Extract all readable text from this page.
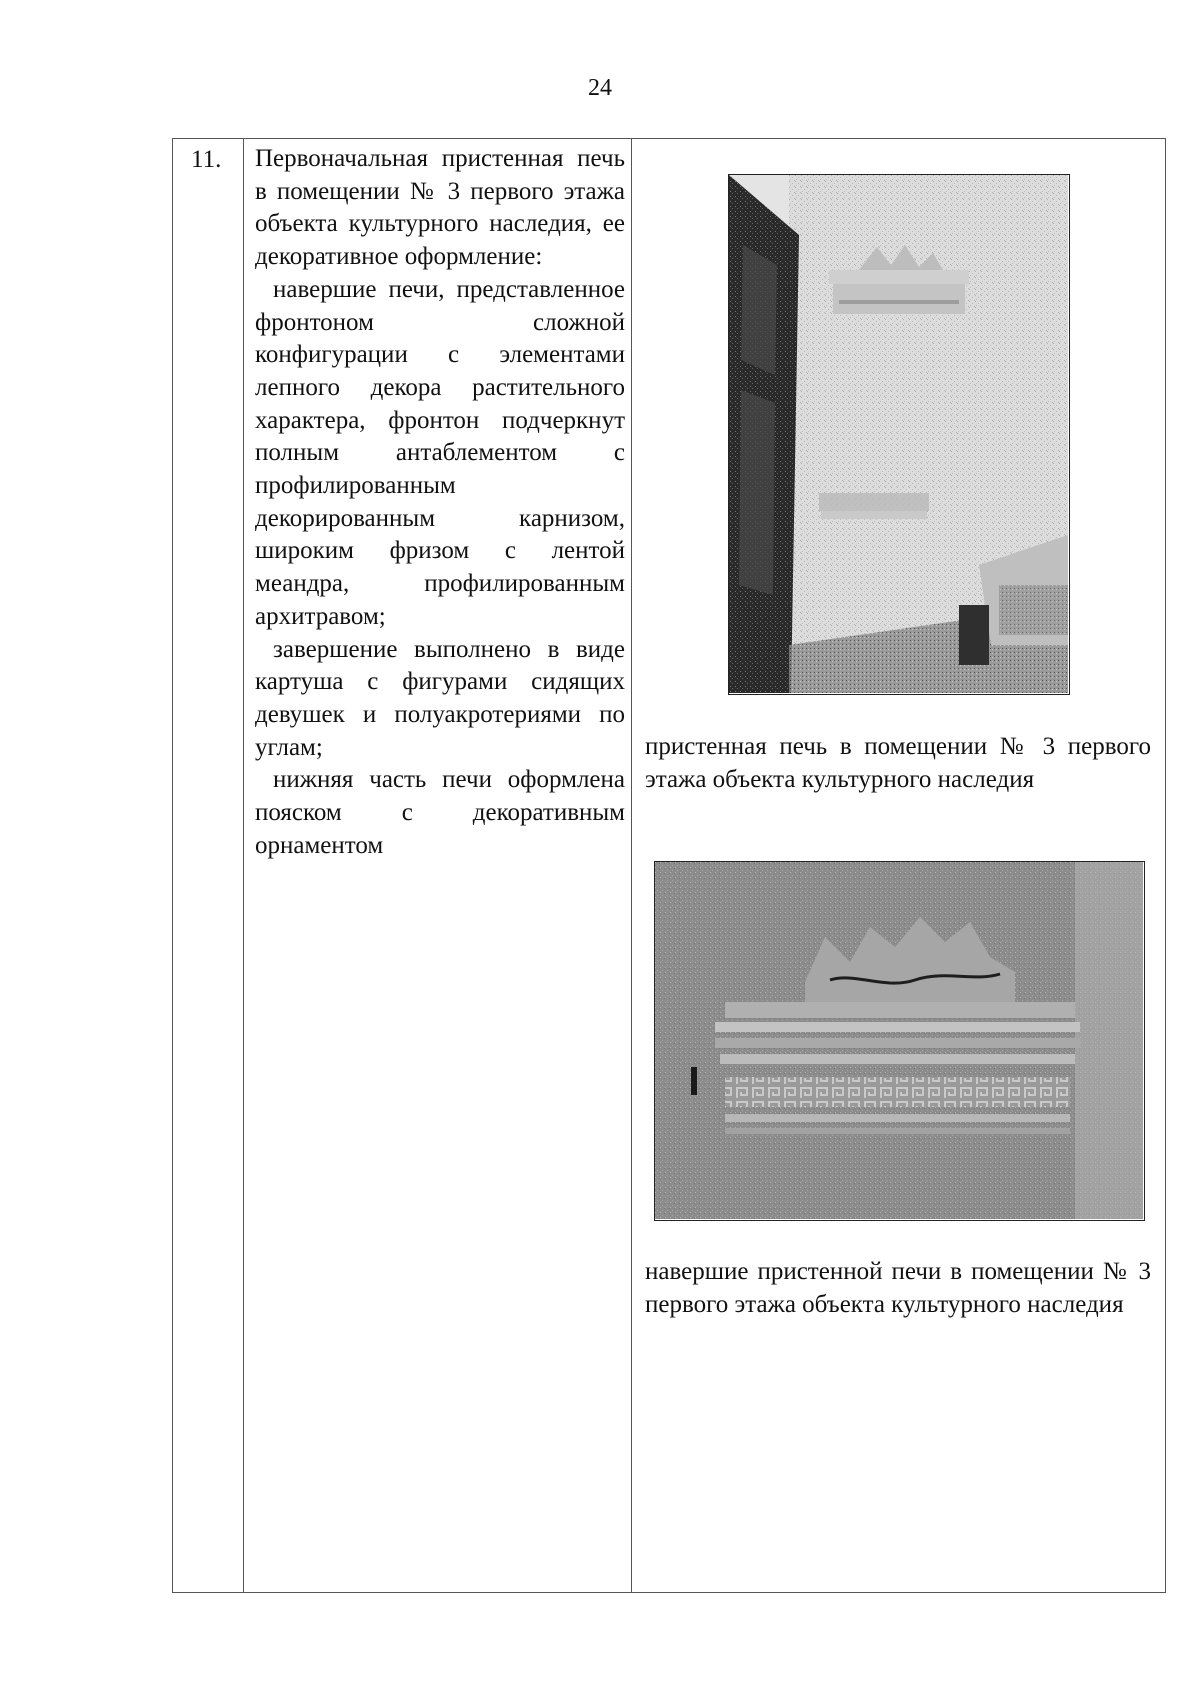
24
11. Первоначальная пристенная печь в помещении № 3 первого этажа объекта культурного наследия, ее декоративное оформление:

навершие печи, представленное фронтоном сложной конфигурации с элементами лепного декора растительного характера, фронтон подчеркнут полным антаблементом с профилированным декорированным карнизом, широким фризом с лентой меандра, профилированным архитравом;

завершение выполнено в виде картуша с фигурами сидящих девушек и полуакротериями по углам;

нижняя часть печи оформлена пояском с декоративным орнаментом

пристенная печь в помещении № 3 первого этажа объекта культурного наследия

навершие пристенной печи в помещении № 3 первого этажа объекта культурного наследия
